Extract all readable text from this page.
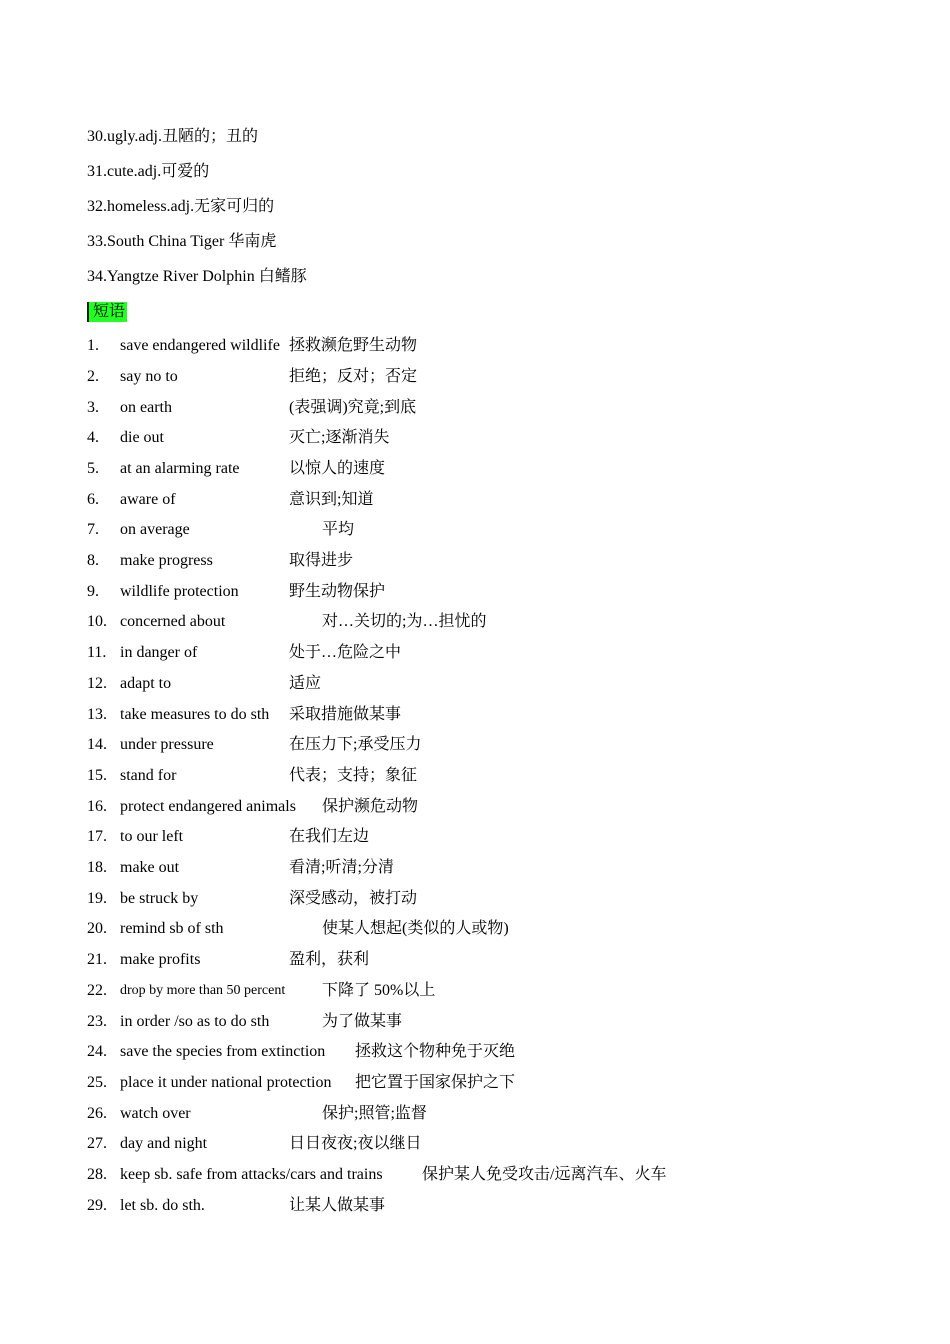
30.ugly.adj.丑陋的；丑的
31.cute.adj.可爱的
32.homeless.adj.无家可归的
33.South China Tiger 华南虎
34.Yangtze River Dolphin 白鳍豚
短语
1. save endangered wildlife 拯救濒危野生动物
2. say no to	拒绝；反对；否定
3. on earth	(表强调)究竟;到底
4. die out	灭亡;逐渐消失
5. at an alarming rate	以惊人的速度
6. aware of	意识到;知道
7. on average	平均
8. make progress	取得进步
9. wildlife protection	野生动物保护
10. concerned about	对…关切的;为…担忧的
11. in danger of	处于…危险之中
12. adapt to	适应
13. take measures to do sth 采取措施做某事
14. under pressure	在压力下;承受压力
15. stand for	代表；支持；象征
16. protect endangered animals 保护濒危动物
17. to our left	在我们左边
18. make out	看清;听清;分清
19. be struck by	深受感动，被打动
20. remind sb of sth	使某人想起(类似的人或物)
21. make profits	盈利，获利
22. drop by more than 50 percent 下降了 50%以上
23. in order /so as to do sth	为了做某事
24. save the species from extinction 拯救这个物种免于灭绝
25. place it under national protection 把它置于国家保护之下
26. watch over	保护;照管;监督
27. day and night	日日夜夜;夜以继日
28. keep sb. safe from attacks/cars and trains 保护某人免受攻击/远离汽车、火车
29. let sb. do sth.	让某人做某事
